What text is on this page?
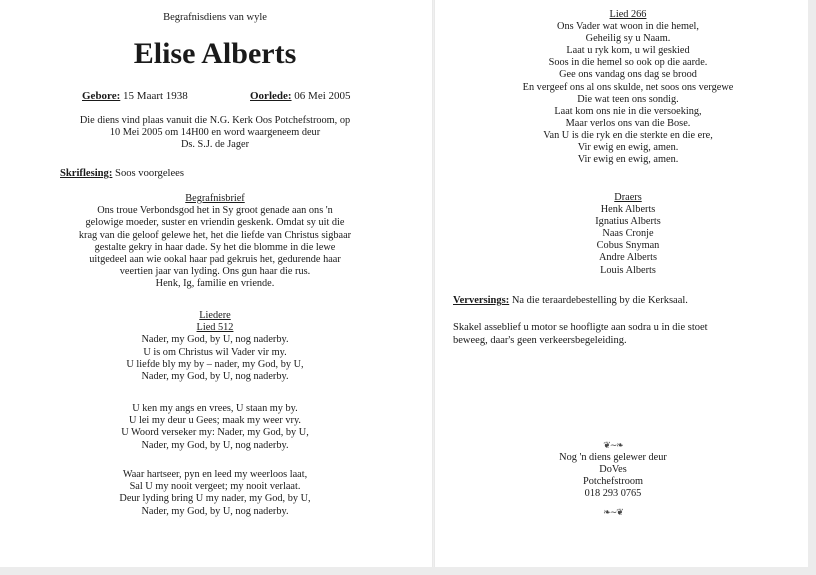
Begrafnisdiens van wyle
Elise Alberts
Gebore: 15 Maart 1938	Oorlede: 06 Mei 2005
Die diens vind plaas vanuit die N.G. Kerk Oos Potchefstroom, op
10 Mei 2005 om 14H00 en word waargeneem deur
Ds. S.J. de Jager
Skriflesing: Soos voorgelees
Begrafnisbrief
Ons troue Verbondsgod het in Sy groot genade aan ons 'n
gelowige moeder, suster en vriendin geskenk. Omdat sy uit die
krag van die geloof gelewe het, het die liefde van Christus sigbaar
gestalte gekry in haar dade. Sy het die blomme in die lewe
uitgedeel aan wie ookal haar pad gekruis het, gedurende haar
veertien jaar van lyding. Ons gun haar die rus.
Henk, Ig, familie en vriende.
Liedere
Lied 512
Nader, my God, by U, nog naderby.
U is om Christus wil Vader vir my.
U liefde bly my by – nader, my God, by U,
Nader, my God, by U, nog naderby.
U ken my angs en vrees, U staan my by.
U lei my deur u Gees; maak my weer vry.
U Woord verseker my: Nader, my God, by U,
Nader, my God, by U, nog naderby.
Waar hartseer, pyn en leed my weerloos laat,
Sal U my nooit vergeet; my nooit verlaat.
Deur lyding bring U my nader, my God, by U,
Nader, my God, by U, nog naderby.
Lied 266
Ons Vader wat woon in die hemel,
Geheilig sy u Naam.
Laat u ryk kom, u wil geskied
Soos in die hemel so ook op die aarde.
Gee ons vandag ons dag se brood
En vergeef ons al ons skulde, net soos ons vergewe
Die wat teen ons sondig.
Laat kom ons nie in die versoeking,
Maar verlos ons van die Bose.
Van U is die ryk en die sterkte en die ere,
Vir ewig en ewig, amen.
Vir ewig en ewig, amen.
Draers
Henk Alberts
Ignatius Alberts
Naas Cronje
Cobus Snyman
Andre Alberts
Louis Alberts
Verversings: Na die teraardebestelling by die Kerksaal.
Skakel asseblief u motor se hoofligte aan sodra u in die stoet
beweeg, daar's geen verkeersbegeleiding.
❦∼❧
Nog 'n diens gelewer deur
DoVes
Potchefstroom
018 293 0765
❧∼❦
